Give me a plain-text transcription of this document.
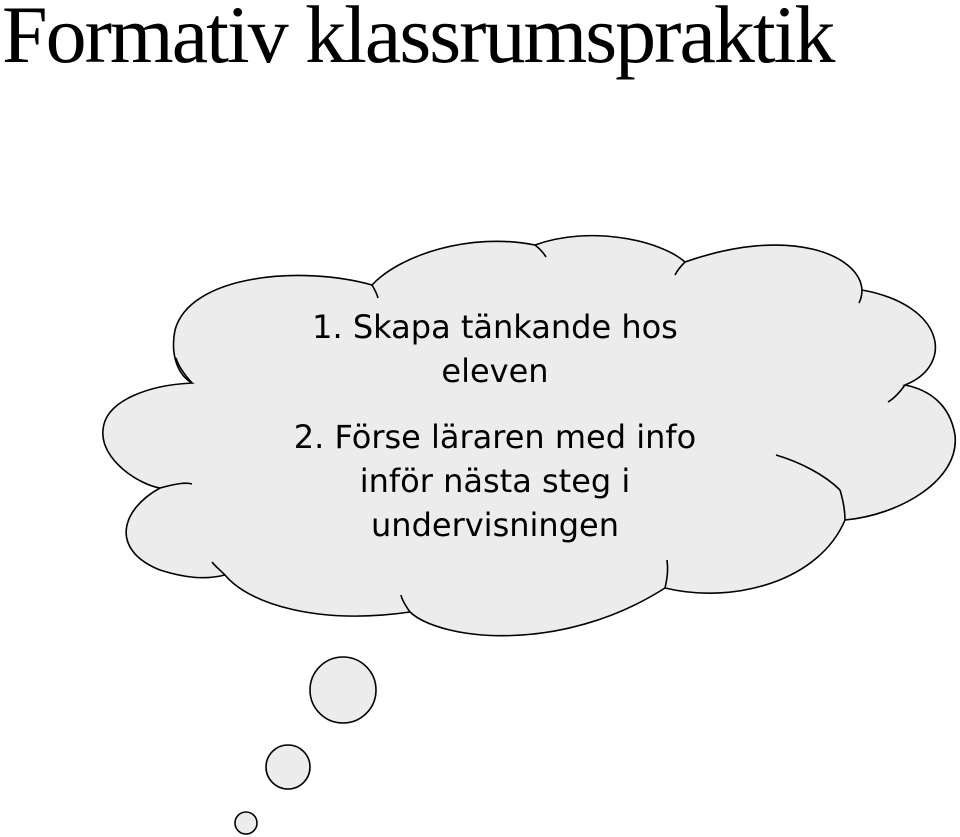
Formativ klassrumspraktik
1. Skapa tänkande hos
eleven
2. Förse läraren med info
inför nästa steg i
undervisningen
